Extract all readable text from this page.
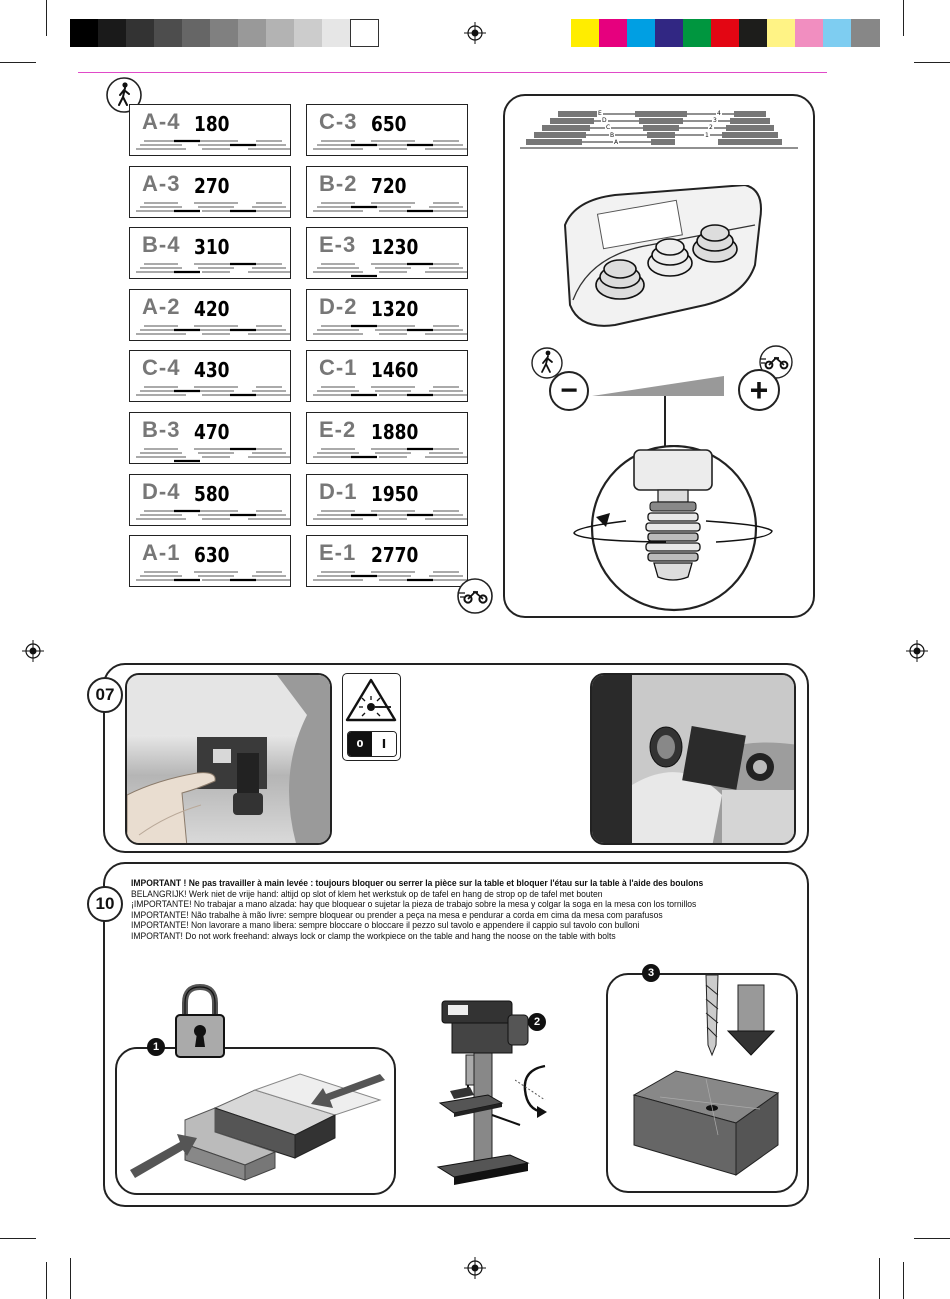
A-4 180
A-3 270
B-4 310
A-2 420
C-4 430
B-3 470
D-4 580
A-1 630
C-3 650
B-2 720
E-3 1230
D-2 1320
C-1 1460
E-2 1880
D-1 1950
E-1 2770
E
D
C
B
A
4
3
2
1
−	+
07
0 I
10
IMPORTANT ! Ne pas travailler à main levée : toujours bloquer ou serrer la pièce sur la table et bloquer l'étau sur la table à l'aide des boulons
BELANGRIJK! Werk niet de vrije hand: altijd op slot of klem het werkstuk op de tafel en hang de strop op de tafel met bouten
¡IMPORTANTE! No trabajar a mano alzada: hay que bloquear o sujetar la pieza de trabajo sobre la mesa y colgar la soga en la mesa con los tornillos
IMPORTANTE! Não trabalhe à mão livre: sempre bloquear ou prender a peça na mesa e pendurar a corda em cima da mesa com parafusos
IMPORTANTE! Non lavorare a mano libera: sempre bloccare o bloccare il pezzo sul tavolo e appendere il cappio sul tavolo con bulloni
IMPORTANT! Do not work freehand: always lock or clamp the workpiece on the table and hang the noose on the table with bolts
1
2
3
